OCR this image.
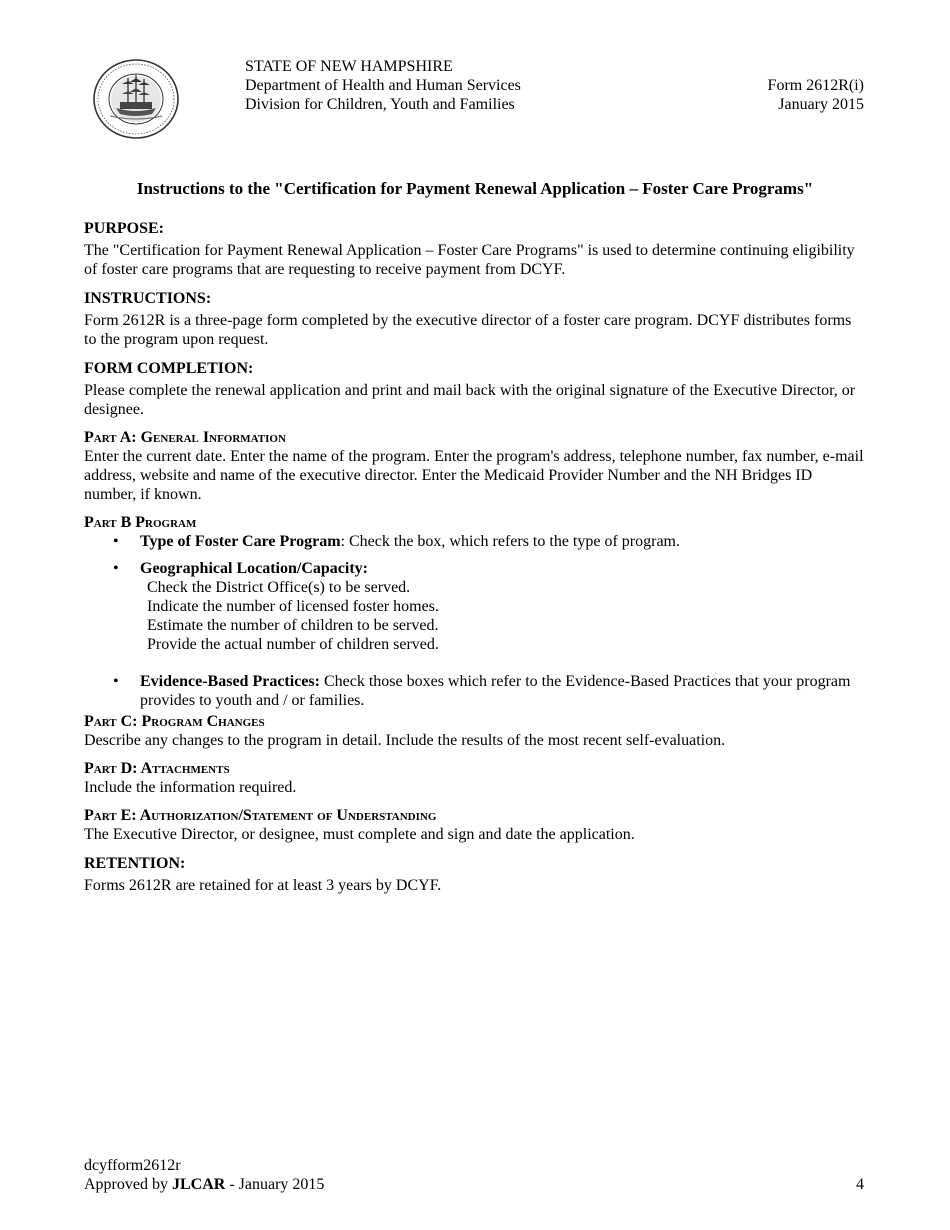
STATE OF NEW HAMPSHIRE
Department of Health and Human Services
Division for Children, Youth and Families
Form 2612R(i)
January 2015
Instructions to the "Certification for Payment Renewal Application – Foster Care Programs"
PURPOSE:

The "Certification for Payment Renewal Application – Foster Care Programs" is used to determine continuing eligibility of foster care programs that are requesting to receive payment from DCYF.

INSTRUCTIONS:

Form 2612R is a three-page form completed by the executive director of a foster care program. DCYF distributes forms to the program upon request.

FORM COMPLETION:

Please complete the renewal application and print and mail back with the original signature of the Executive Director, or designee.

Part A: General Information

Enter the current date. Enter the name of the program. Enter the program's address, telephone number, fax number, e-mail address, website and name of the executive director. Enter the Medicaid Provider Number and the NH Bridges ID number, if known.

Part B Program
• Type of Foster Care Program: Check the box, which refers to the type of program.
• Geographical Location/Capacity:
Check the District Office(s) to be served.
Indicate the number of licensed foster homes.
Estimate the number of children to be served.
Provide the actual number of children served.
• Evidence-Based Practices: Check those boxes which refer to the Evidence-Based Practices that your program provides to youth and / or families.
Part C: Program Changes

Describe any changes to the program in detail. Include the results of the most recent self-evaluation.

Part D: Attachments

Include the information required.

Part E: Authorization/Statement of Understanding

The Executive Director, or designee, must complete and sign and date the application.

RETENTION:

Forms 2612R are retained for at least 3 years by DCYF.

dcyfform2612r
Approved by JLCAR - January 2015	4
